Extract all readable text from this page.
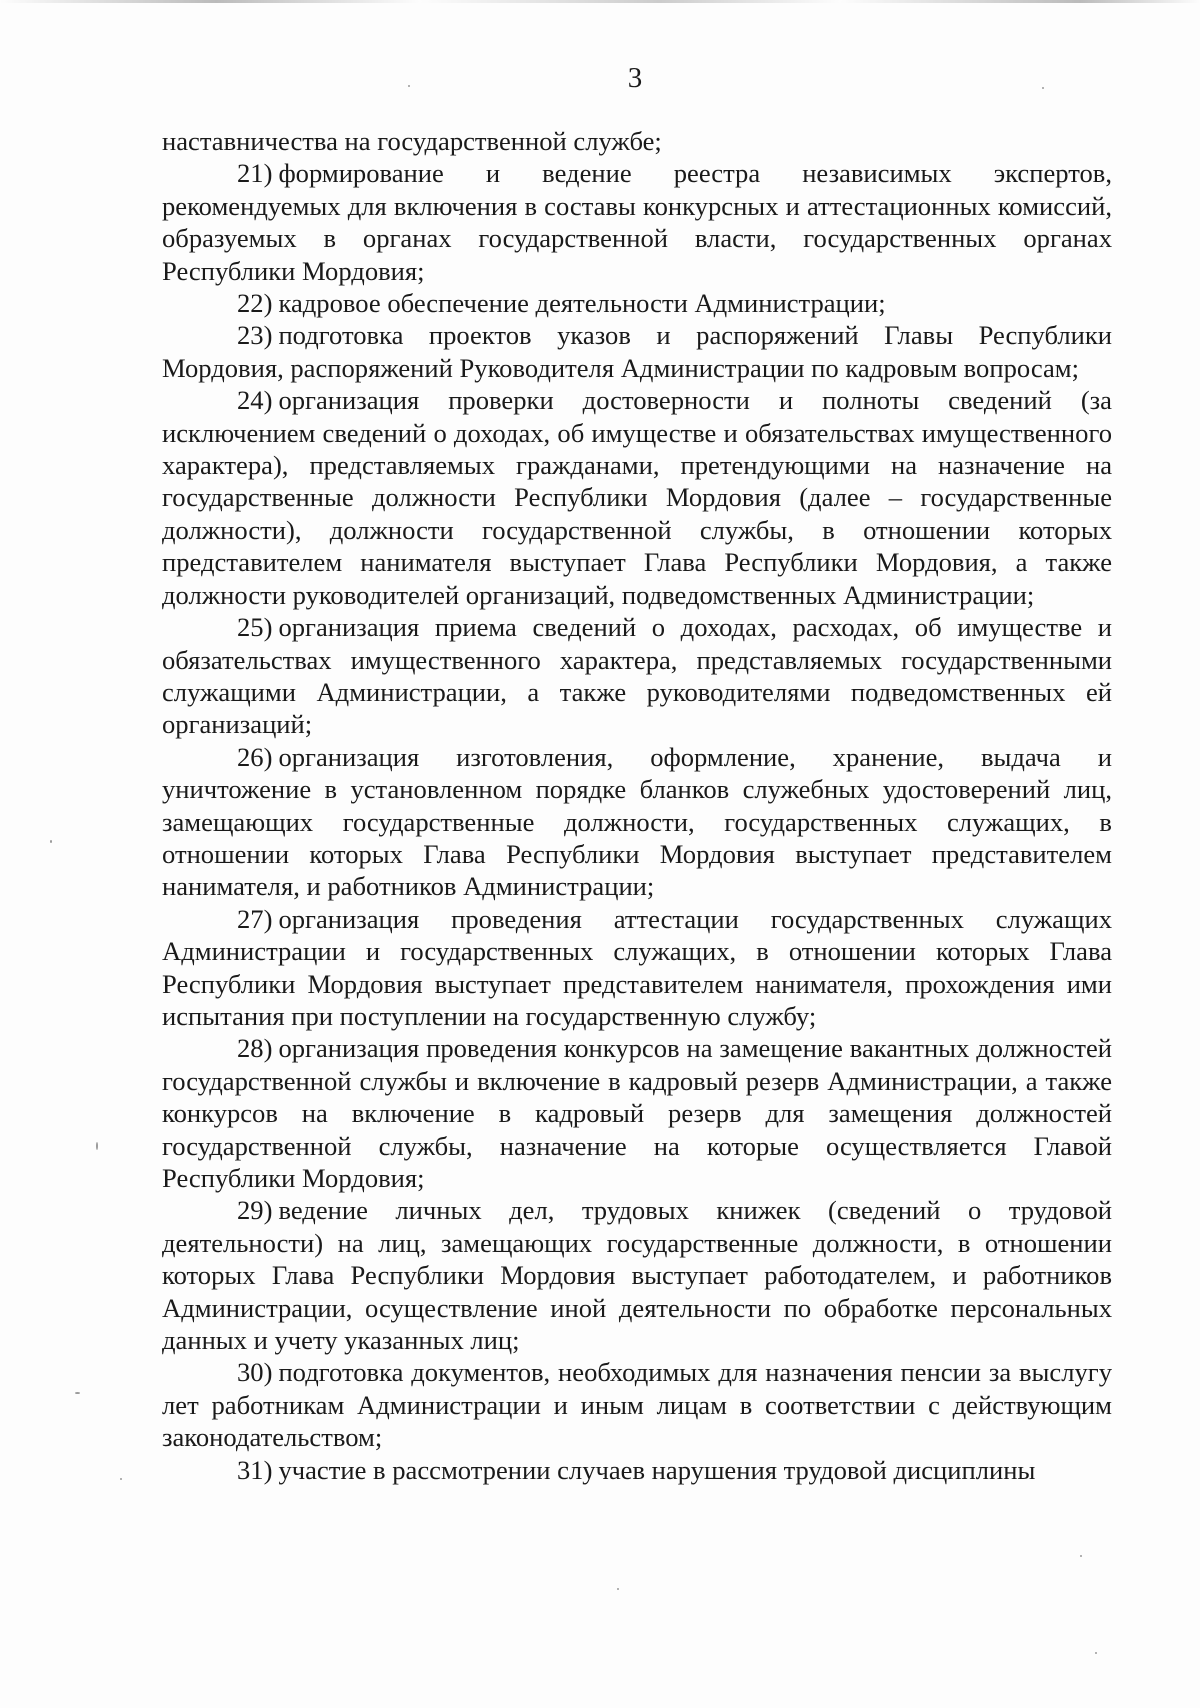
3

наставничества на государственной службе;

21) формирование и ведение реестра независимых экспертов, рекомендуемых для включения в составы конкурсных и аттестационных комиссий, образуемых в органах государственной власти, государственных органах Республики Мордовия;

22) кадровое обеспечение деятельности Администрации;

23) подготовка проектов указов и распоряжений Главы Республики Мордовия, распоряжений Руководителя Администрации по кадровым вопросам;

24) организация проверки достоверности и полноты сведений (за исключением сведений о доходах, об имуществе и обязательствах имущественного характера), представляемых гражданами, претендующими на назначение на государственные должности Республики Мордовия (далее – государственные должности), должности государственной службы, в отношении которых представителем нанимателя выступает Глава Республики Мордовия, а также должности руководителей организаций, подведомственных Администрации;

25) организация приема сведений о доходах, расходах, об имуществе и обязательствах имущественного характера, представляемых государственными служащими Администрации, а также руководителями подведомственных ей организаций;

26) организация изготовления, оформление, хранение, выдача и уничтожение в установленном порядке бланков служебных удостоверений лиц, замещающих государственные должности, государственных служащих, в отношении которых Глава Республики Мордовия выступает представителем нанимателя, и работников Администрации;

27) организация проведения аттестации государственных служащих Администрации и государственных служащих, в отношении которых Глава Республики Мордовия выступает представителем нанимателя, прохождения ими испытания при поступлении на государственную службу;

28) организация проведения конкурсов на замещение вакантных должностей государственной службы и включение в кадровый резерв Администрации, а также конкурсов на включение в кадровый резерв для замещения должностей государственной службы, назначение на которые осуществляется Главой Республики Мордовия;

29) ведение личных дел, трудовых книжек (сведений о трудовой деятельности) на лиц, замещающих государственные должности, в отношении которых Глава Республики Мордовия выступает работодателем, и работников Администрации, осуществление иной деятельности по обработке персональных данных и учету указанных лиц;

30) подготовка документов, необходимых для назначения пенсии за выслугу лет работникам Администрации и иным лицам в соответствии с действующим законодательством;

31) участие в рассмотрении случаев нарушения трудовой дисциплины
